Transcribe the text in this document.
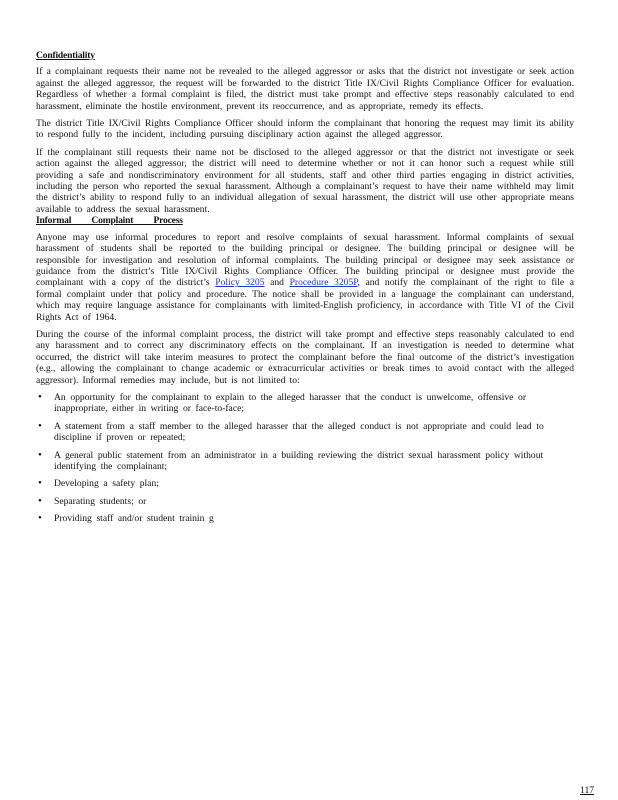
Confidentiality

If a complainant requests their name not be revealed to the alleged aggressor or asks that the district not investigate or seek action against the alleged aggressor, the request will be forwarded to the district Title IX/Civil Rights Compliance Officer for evaluation. Regardless of whether a formal complaint is filed, the district must take prompt and effective steps reasonably calculated to end harassment, eliminate the hostile environment, prevent its reoccurrence, and as appropriate, remedy its effects.

The district Title IX/Civil Rights Compliance Officer should inform the complainant that honoring the request may limit its ability to respond fully to the incident, including pursuing disciplinary action against the alleged aggressor.

If the complainant still requests their name not be disclosed to the alleged aggressor or that the district not investigate or seek action against the alleged aggressor, the district will need to determine whether or not it can honor such a request while still providing a safe and nondiscriminatory environment for all students, staff and other third parties engaging in district activities, including the person who reported the sexual harassment. Although a complainant’s request to have their name withheld may limit the district’s ability to respond fully to an individual allegation of sexual harassment, the district will use other appropriate means available to address the sexual harassment.

Informal Complaint Process

Anyone may use informal procedures to report and resolve complaints of sexual harassment. Informal complaints of sexual harassment of students shall be reported to the building principal or designee. The building principal or designee will be responsible for investigation and resolution of informal complaints. The building principal or designee may seek assistance or guidance from the district’s Title IX/Civil Rights Compliance Officer. The building principal or designee must provide the complainant with a copy of the district’s Policy 3205 and Procedure 3205P, and notify the complainant of the right to file a formal complaint under that policy and procedure. The notice shall be provided in a language the complainant can understand, which may require language assistance for complainants with limited-English proficiency, in accordance with Title VI of the Civil Rights Act of 1964.

During the course of the informal complaint process, the district will take prompt and effective steps reasonably calculated to end any harassment and to correct any discriminatory effects on the complainant. If an investigation is needed to determine what occurred, the district will take interim measures to protect the complainant before the final outcome of the district’s investigation (e.g., allowing the complainant to change academic or extracurricular activities or break times to avoid contact with the alleged aggressor). Informal remedies may include, but is not limited to:

• An opportunity for the complainant to explain to the alleged harasser that the conduct is unwelcome, offensive or inappropriate, either in writing or face-to-face;
• A statement from a staff member to the alleged harasser that the alleged conduct is not appropriate and could lead to discipline if proven or repeated;
• A general public statement from an administrator in a building reviewing the district sexual harassment policy without identifying the complainant;
• Developing a safety plan;
• Separating students; or
• Providing staff and/or student trainin g
117
